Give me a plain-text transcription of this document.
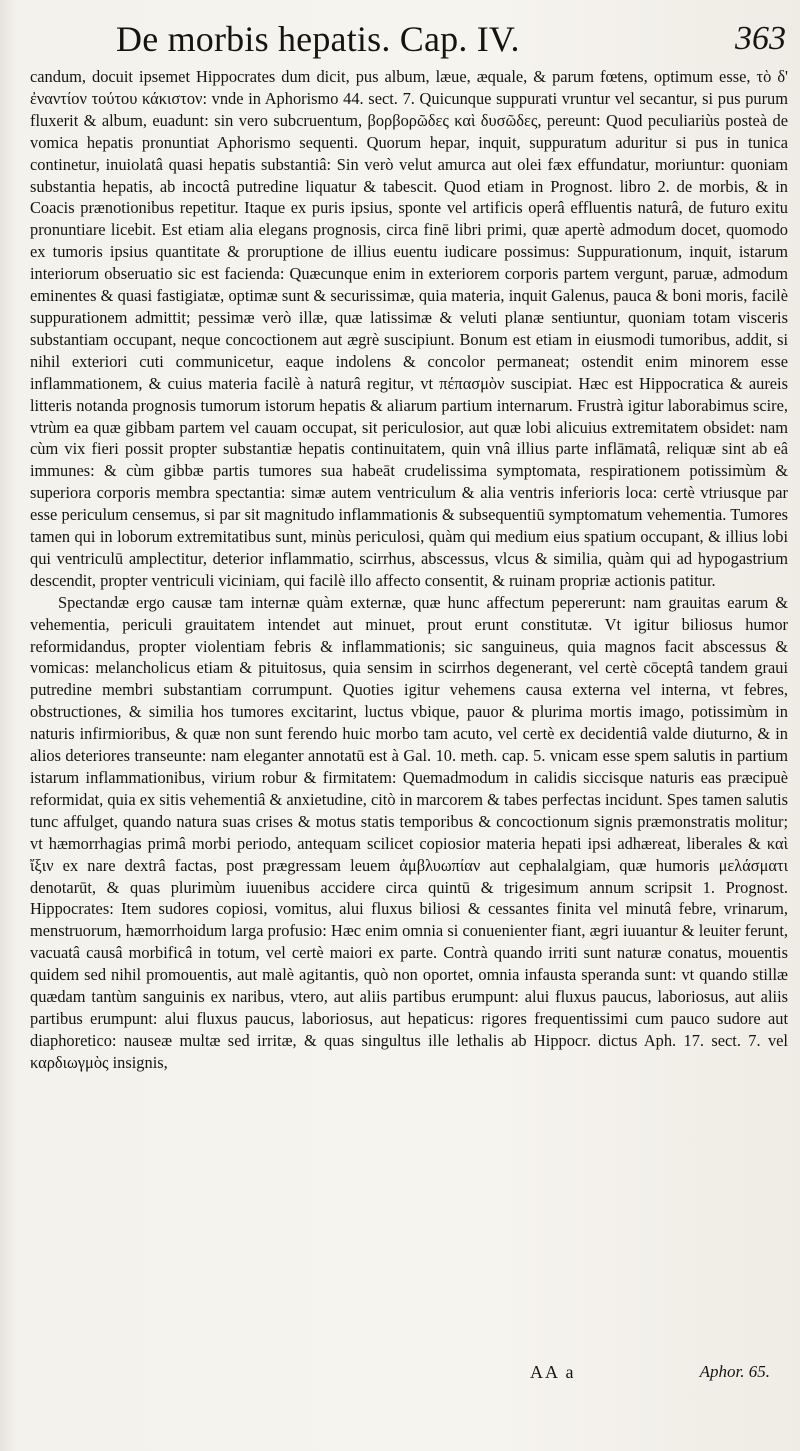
De morbis hepatis. Cap. IV.	363

candum, docuit ipsemet Hippocrates dum dicit, pus album, læue, æquale, & parum fœtens, optimum esse, τὸ δ' ἐναντίον τούτου κάκιστον: vnde in Aphorismo 44. sect. 7. Quicunque suppurati vruntur vel secantur, si pus purum fluxerit & album, euadunt: sin vero subcruentum, βορβορῶδες καὶ δυσῶδες, pereunt: Quod peculiariùs posteà de vomica hepatis pronuntiat Aphorismo sequenti. Quorum hepar, inquit, suppuratum aduritur si pus in tunica continetur, inuiolatâ quasi hepatis substantiâ: Sin verò velut amurca aut olei fæx effundatur, moriuntur: quoniam substantia hepatis, ab incoctâ putredine liquatur & tabescit. Quod etiam in Prognost. libro 2. de morbis, & in Coacis prænotionibus repetitur. Itaque ex puris ipsius, sponte vel artificis operâ effluentis naturâ, de futuro exitu pronuntiare licebit. Est etiam alia elegans prognosis, circa finē libri primi, quæ apertè admodum docet, quomodo ex tumoris ipsius quantitate & proruptione de illius euentu iudicare possimus: Suppurationum, inquit, istarum interiorum obseruatio sic est facienda: Quæcunque enim in exteriorem corporis partem vergunt, paruæ, admodum eminentes & quasi fastigiatæ, optimæ sunt & securissimæ, quia materia, inquit Galenus, pauca & boni moris, facilè suppurationem admittit; pessimæ verò illæ, quæ latissimæ & veluti planæ sentiuntur, quoniam totam visceris substantiam occupant, neque concoctionem aut ægrè suscipiunt. Bonum est etiam in eiusmodi tumoribus, addit, si nihil exteriori cuti communicetur, eaque indolens & concolor permaneat; ostendit enim minorem esse inflammationem, & cuius materia facilè à naturâ regitur, vt πέπασμὸν suscipiat. Hæc est Hippocratica & aureis litteris notanda prognosis tumorum istorum hepatis & aliarum partium internarum. Frustrà igitur laborabimus scire, vtrùm ea quæ gibbam partem vel cauam occupat, sit periculosior, aut quæ lobi alicuius extremitatem obsidet: nam cùm vix fieri possit propter substantiæ hepatis continuitatem, quin vnâ illius parte inflāmatâ, reliquæ sint ab eâ immunes: & cùm gibbæ partis tumores sua habeāt crudelissima symptomata, respirationem potissimùm & superiora corporis membra spectantia: simæ autem ventriculum & alia ventris inferioris loca: certè vtriusque par esse periculum censemus, si par sit magnitudo inflammationis & subsequentiū symptomatum vehementia. Tumores tamen qui in loborum extremitatibus sunt, minùs periculosi, quàm qui medium eius spatium occupant, & illius lobi qui ventriculū amplectitur, deterior inflammatio, scirrhus, abscessus, vlcus & similia, quàm qui ad hypogastrium descendit, propter ventriculi viciniam, qui facilè illo affecto consentit, & ruinam propriæ actionis patitur.

Spectandæ ergo causæ tam internæ quàm externæ, quæ hunc affectum pepererunt: nam grauitas earum & vehementia, periculi grauitatem intendet aut minuet, prout erunt constitutæ. Vt igitur biliosus humor reformidandus, propter violentiam febris & inflammationis; sic sanguineus, quia magnos facit abscessus & vomicas: melancholicus etiam & pituitosus, quia sensim in scirrhos degenerant, vel certè cōceptâ tandem graui putredine membri substantiam corrumpunt. Quoties igitur vehemens causa externa vel interna, vt febres, obstructiones, & similia hos tumores excitarint, luctus vbique, pauor & plurima mortis imago, potissimùm in naturis infirmioribus, & quæ non sunt ferendo huic morbo tam acuto, vel certè ex decidentiâ valde diuturno, & in alios deteriores transeunte: nam eleganter annotatū est à Gal. 10. meth. cap. 5. vnicam esse spem salutis in partium istarum inflammationibus, virium robur & firmitatem: Quemadmodum in calidis siccisque naturis eas præcipuè reformidat, quia ex sitis vehementiâ & anxietudine, citò in marcorem & tabes perfectas incidunt. Spes tamen salutis tunc affulget, quando natura suas crises & motus statis temporibus & concoctionum signis præmonstratis molitur; vt hæmorrhagias primâ morbi periodo, antequam scilicet copiosior materia hepati ipsi adhæreat, liberales & καὶ ἴξιν ex nare dextrâ factas, post prægressam leuem ἀμβλυωπίαν aut cephalalgiam, quæ humoris μελάσματι denotarūt, & quas plurimùm iuuenibus accidere circa quintū & trigesimum annum scripsit 1. Prognost. Hippocrates: Item sudores copiosi, vomitus, alui fluxus biliosi & cessantes finita vel minutâ febre, vrinarum, menstruorum, hæmorrhoidum larga profusio: Hæc enim omnia si conuenienter fiant, ægri iuuantur & leuiter ferunt, vacuatâ causâ morbificâ in totum, vel certè maiori ex parte. Contrà quando irriti sunt naturæ conatus, mouentis quidem sed nihil promouentis, aut malè agitantis, quò non oportet, omnia infausta speranda sunt: vt quando stillæ quædam tantùm sanguinis ex naribus, vtero, aut aliis partibus erumpunt: alui fluxus paucus, laboriosus, aut aliis partibus erumpunt: alui fluxus paucus, laboriosus, aut hepaticus: rigores frequentissimi cum pauco sudore aut diaphoretico: nauseæ multæ sed irritæ, & quas singultus ille lethalis ab Hippocr. dictus Aph. 17. sect. 7. vel καρδιωγμὸς insignis,

AA a	Aphor. 65.
